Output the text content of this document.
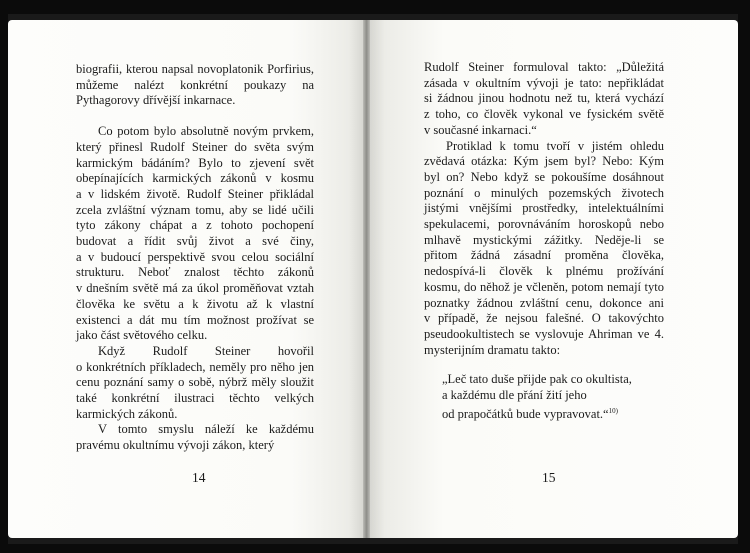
biografii, kterou napsal novoplatonik Porfirius,
můžeme nalézt konkrétní poukazy na
Pythagorovy dřívější inkarnace.

Co potom bylo absolutně novým prvkem,
který přinesl Rudolf Steiner do světa svým
karmickým bádáním? Bylo to zjevení svět
obepínajících karmických zákonů v kosmu
a v lidském životě. Rudolf Steiner přikládal
zcela zvláštní význam tomu, aby se lidé učili
tyto zákony chápat a z tohoto pochopení
budovat a řídit svůj život a své činy,
a v budoucí perspektivě svou celou sociální
strukturu. Neboť znalost těchto zákonů
v dnešním světě má za úkol proměňovat vztah
člověka ke světu a k životu až k vlastní
existenci a dát mu tím možnost prožívat se
jako část světového celku.

Když Rudolf Steiner hovořil
o konkrétních příkladech, neměly pro něho jen
cenu poznání samy o sobě, nýbrž měly sloužit
také konkrétní ilustraci těchto velkých
karmických zákonů.

V tomto smyslu náleží ke každému
pravému okultnímu vývoji zákon, který

14

Rudolf Steiner formuloval takto: „Důležitá
zásada v okultním vývoji je tato: nepřikládat
si žádnou jinou hodnotu než tu, která vychází
z toho, co člověk vykonal ve fysickém světě
v současné inkarnaci.“

Protiklad k tomu tvoří v jistém ohledu
zvědavá otázka: Kým jsem byl? Nebo: Kým
byl on? Nebo když se pokoušíme dosáhnout
poznání o minulých pozemských životech
jistými vnějšími prostředky, intelektuálními
spekulacemi, porovnáváním horoskopů nebo
mlhavě mystickými zážitky. Neděje-li se
přitom žádná zásadní proměna člověka,
nedospívá-li člověk k plnému prožívání
kosmu, do něhož je včleněn, potom nemají tyto
poznatky žádnou zvláštní cenu, dokonce ani
v případě, že nejsou falešné. O takovýchto
pseudookultistech se vyslovuje Ahriman ve 4.
mysterijním dramatu takto:

„Leč tato duše přijde pak co okultista,
a každému dle přání žití jeho
od prapočátků bude vypravovat.“$^{10)}$
15
